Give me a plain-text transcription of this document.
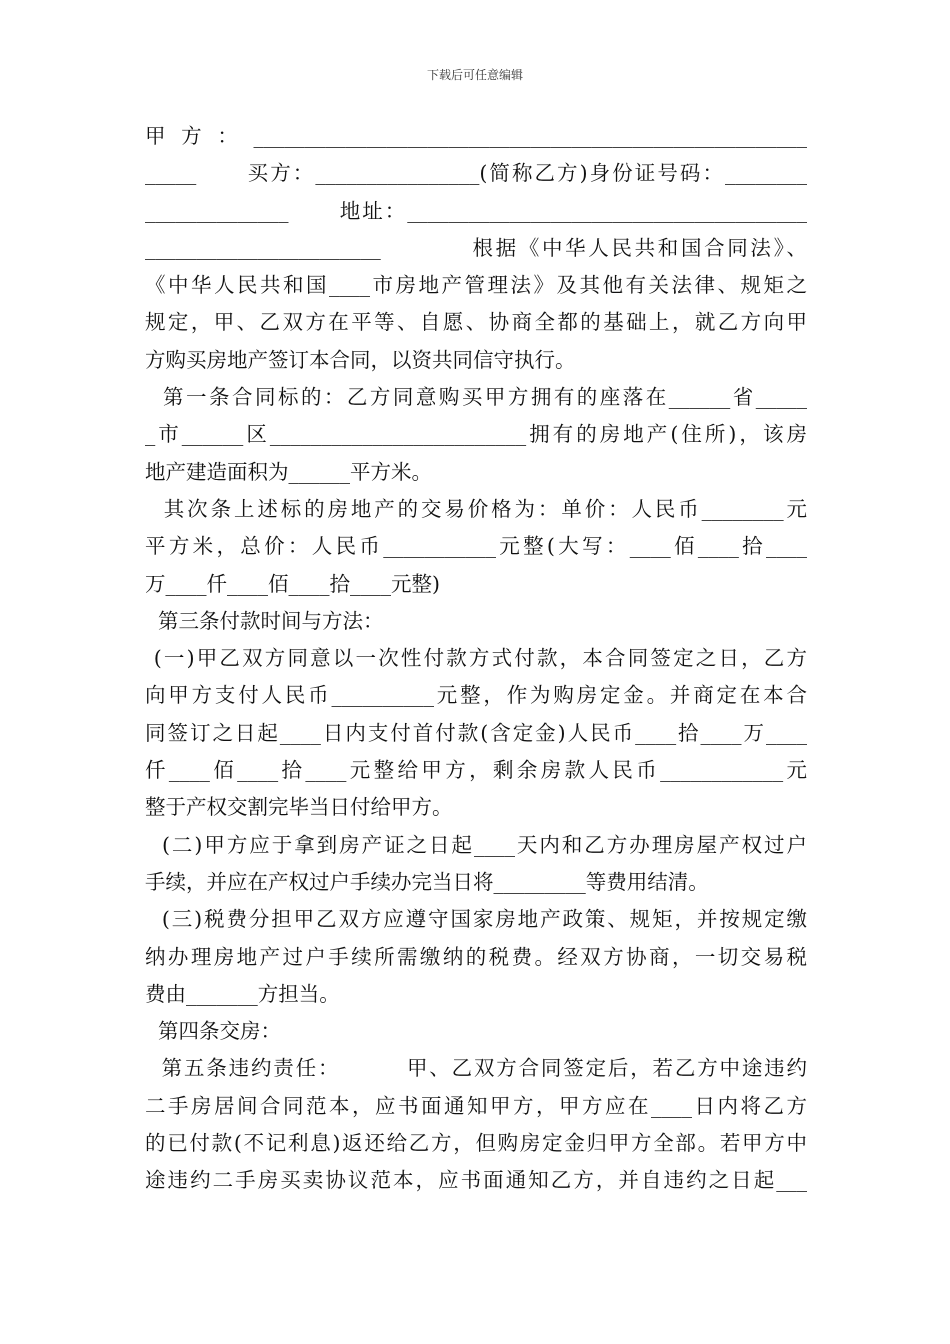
下载后可任意编辑
甲方：______________________________________________________
_____      买方：________________(简称乙方)身份证号码：________
______________      地址：_______________________________________
_______________________          根据《中华人民共和国合同法》、
《中华人民共和国____市房地产管理法》及其他有关法律、规矩之
规定，甲、乙双方在平等、自愿、协商全都的基础上，就乙方向甲
方购买房地产签订本合同，以资共同信守执行。
第一条合同标的：乙方同意购买甲方拥有的座落在______省_____
_市______区_________________________拥有的房地产(住所)，该房
地产建造面积为______平方米。
其次条上述标的房地产的交易价格为：单价：人民币________元
平方米，总价：人民币___________元整(大写：____佰____拾____
万____仟____佰____拾____元整)
第三条付款时间与方法：
(一)甲乙双方同意以一次性付款方式付款，本合同签定之日，乙方
向甲方支付人民币__________元整，作为购房定金。并商定在本合
同签订之日起____日内支付首付款(含定金)人民币____拾____万____
仟____佰____拾____元整给甲方，剩余房款人民币____________元
整于产权交割完毕当日付给甲方。
(二)甲方应于拿到房产证之日起____天内和乙方办理房屋产权过户
手续，并应在产权过户手续办完当日将_________等费用结清。
(三)税费分担甲乙双方应遵守国家房地产政策、规矩，并按规定缴
纳办理房地产过户手续所需缴纳的税费。经双方协商，一切交易税
费由_______方担当。
第四条交房：
第五条违约责任：        甲、乙双方合同签定后，若乙方中途违约
二手房居间合同范本，应书面通知甲方，甲方应在____日内将乙方
的已付款(不记利息)返还给乙方，但购房定金归甲方全部。若甲方中
途违约二手房买卖协议范本，应书面通知乙方，并自违约之日起___
